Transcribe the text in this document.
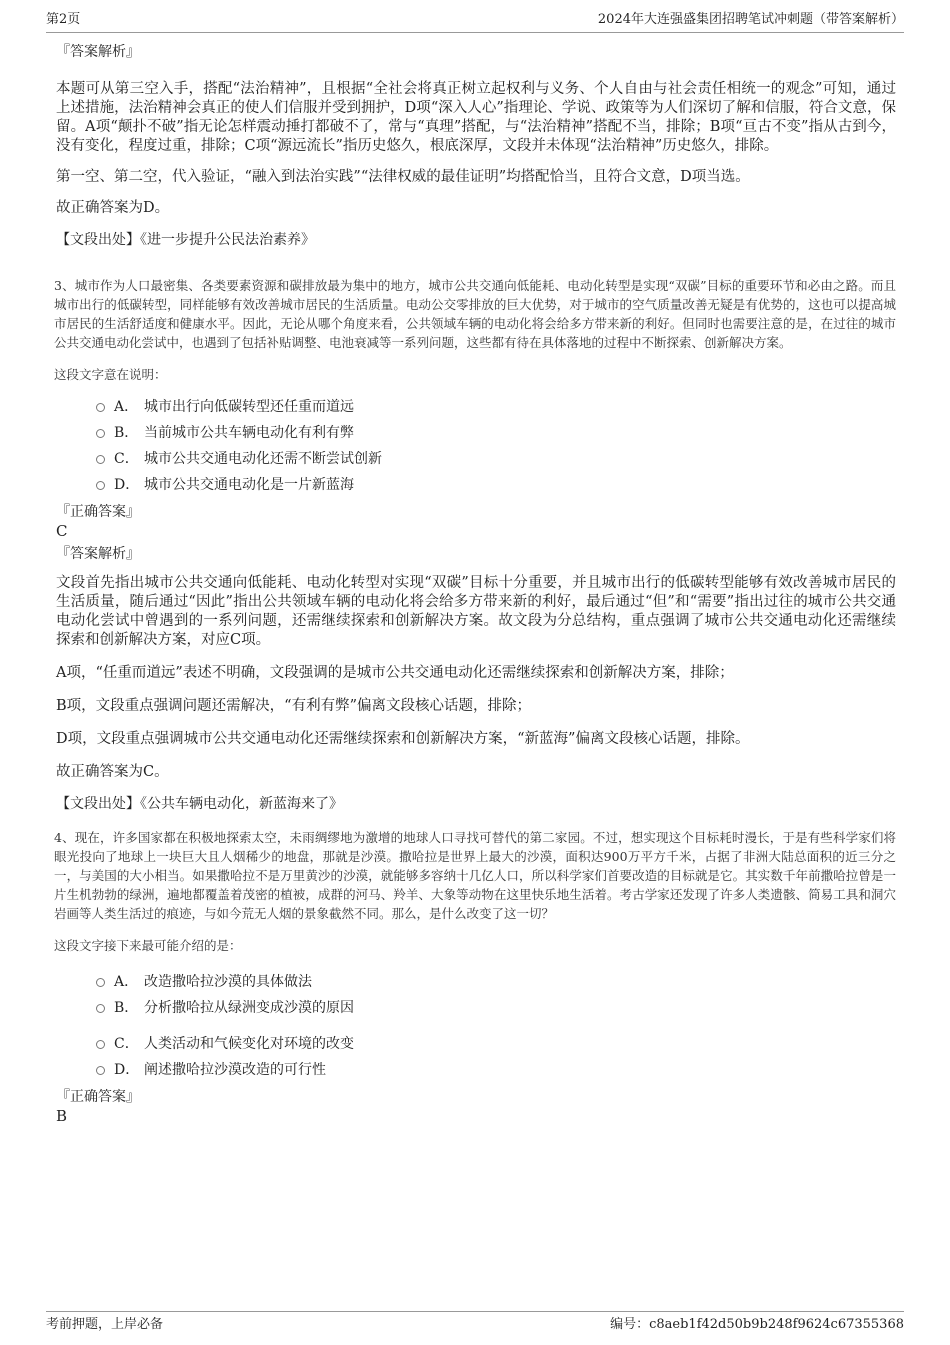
第2页	2024年大连强盛集团招聘笔试冲刺题（带答案解析）

『答案解析』

本题可从第三空入手，搭配“法治精神”，且根据“全社会将真正树立起权利与义务、个人自由与社会责任相统一的观念”可知，通过上述措施，法治精神会真正的使人们信服并受到拥护，D项“深入人心”指理论、学说、政策等为人们深切了解和信服，符合文意，保留。A项“颠扑不破”指无论怎样震动捶打都破不了，常与“真理”搭配，与“法治精神”搭配不当，排除；B项“亘古不变”指从古到今，没有变化，程度过重，排除；C项“源远流长”指历史悠久，根底深厚，文段并未体现“法治精神”历史悠久，排除。

第一空、第二空，代入验证，“融入到法治实践”“法律权威的最佳证明”均搭配恰当，且符合文意，D项当选。

故正确答案为D。

【文段出处】《进一步提升公民法治素养》

3、城市作为人口最密集、各类要素资源和碳排放最为集中的地方，城市公共交通向低能耗、电动化转型是实现“双碳”目标的重要环节和必由之路。而且城市出行的低碳转型，同样能够有效改善城市居民的生活质量。电动公交零排放的巨大优势，对于城市的空气质量改善无疑是有优势的，这也可以提高城市居民的生活舒适度和健康水平。因此，无论从哪个角度来看，公共领域车辆的电动化将会给多方带来新的利好。但同时也需要注意的是，在过往的城市公共交通电动化尝试中，也遇到了包括补贴调整、电池衰减等一系列问题，这些都有待在具体落地的过程中不断探索、创新解决方案。

这段文字意在说明：

A． 城市出行向低碳转型还任重而道远
B． 当前城市公共车辆电动化有利有弊
C． 城市公共交通电动化还需不断尝试创新
D． 城市公共交通电动化是一片新蓝海

『正确答案』

C

『答案解析』

文段首先指出城市公共交通向低能耗、电动化转型对实现“双碳”目标十分重要，并且城市出行的低碳转型能够有效改善城市居民的生活质量，随后通过“因此”指出公共领域车辆的电动化将会给多方带来新的利好，最后通过“但”和“需要”指出过往的城市公共交通电动化尝试中曾遇到的一系列问题，还需继续探索和创新解决方案。故文段为分总结构，重点强调了城市公共交通电动化还需继续探索和创新解决方案，对应C项。

A项，“任重而道远”表述不明确，文段强调的是城市公共交通电动化还需继续探索和创新解决方案，排除；

B项，文段重点强调问题还需解决，“有利有弊”偏离文段核心话题，排除；

D项，文段重点强调城市公共交通电动化还需继续探索和创新解决方案，“新蓝海”偏离文段核心话题，排除。

故正确答案为C。

【文段出处】《公共车辆电动化，新蓝海来了》

4、现在，许多国家都在积极地探索太空，未雨绸缪地为激增的地球人口寻找可替代的第二家园。不过，想实现这个目标耗时漫长，于是有些科学家们将眼光投向了地球上一块巨大且人烟稀少的地盘，那就是沙漠。撒哈拉是世界上最大的沙漠，面积达900万平方千米，占据了非洲大陆总面积的近三分之一，与美国的大小相当。如果撒哈拉不是万里黄沙的沙漠，就能够多容纳十几亿人口，所以科学家们首要改造的目标就是它。其实数千年前撒哈拉曾是一片生机勃勃的绿洲，遍地都覆盖着茂密的植被，成群的河马、羚羊、大象等动物在这里快乐地生活着。考古学家还发现了许多人类遗骸、简易工具和洞穴岩画等人类生活过的痕迹，与如今荒无人烟的景象截然不同。那么，是什么改变了这一切？

这段文字接下来最可能介绍的是：

A． 改造撒哈拉沙漠的具体做法
B． 分析撒哈拉从绿洲变成沙漠的原因
C． 人类活动和气候变化对环境的改变
D． 阐述撒哈拉沙漠改造的可行性

『正确答案』

B

考前押题，上岸必备	编号：c8aeb1f42d50b9b248f9624c67355368
